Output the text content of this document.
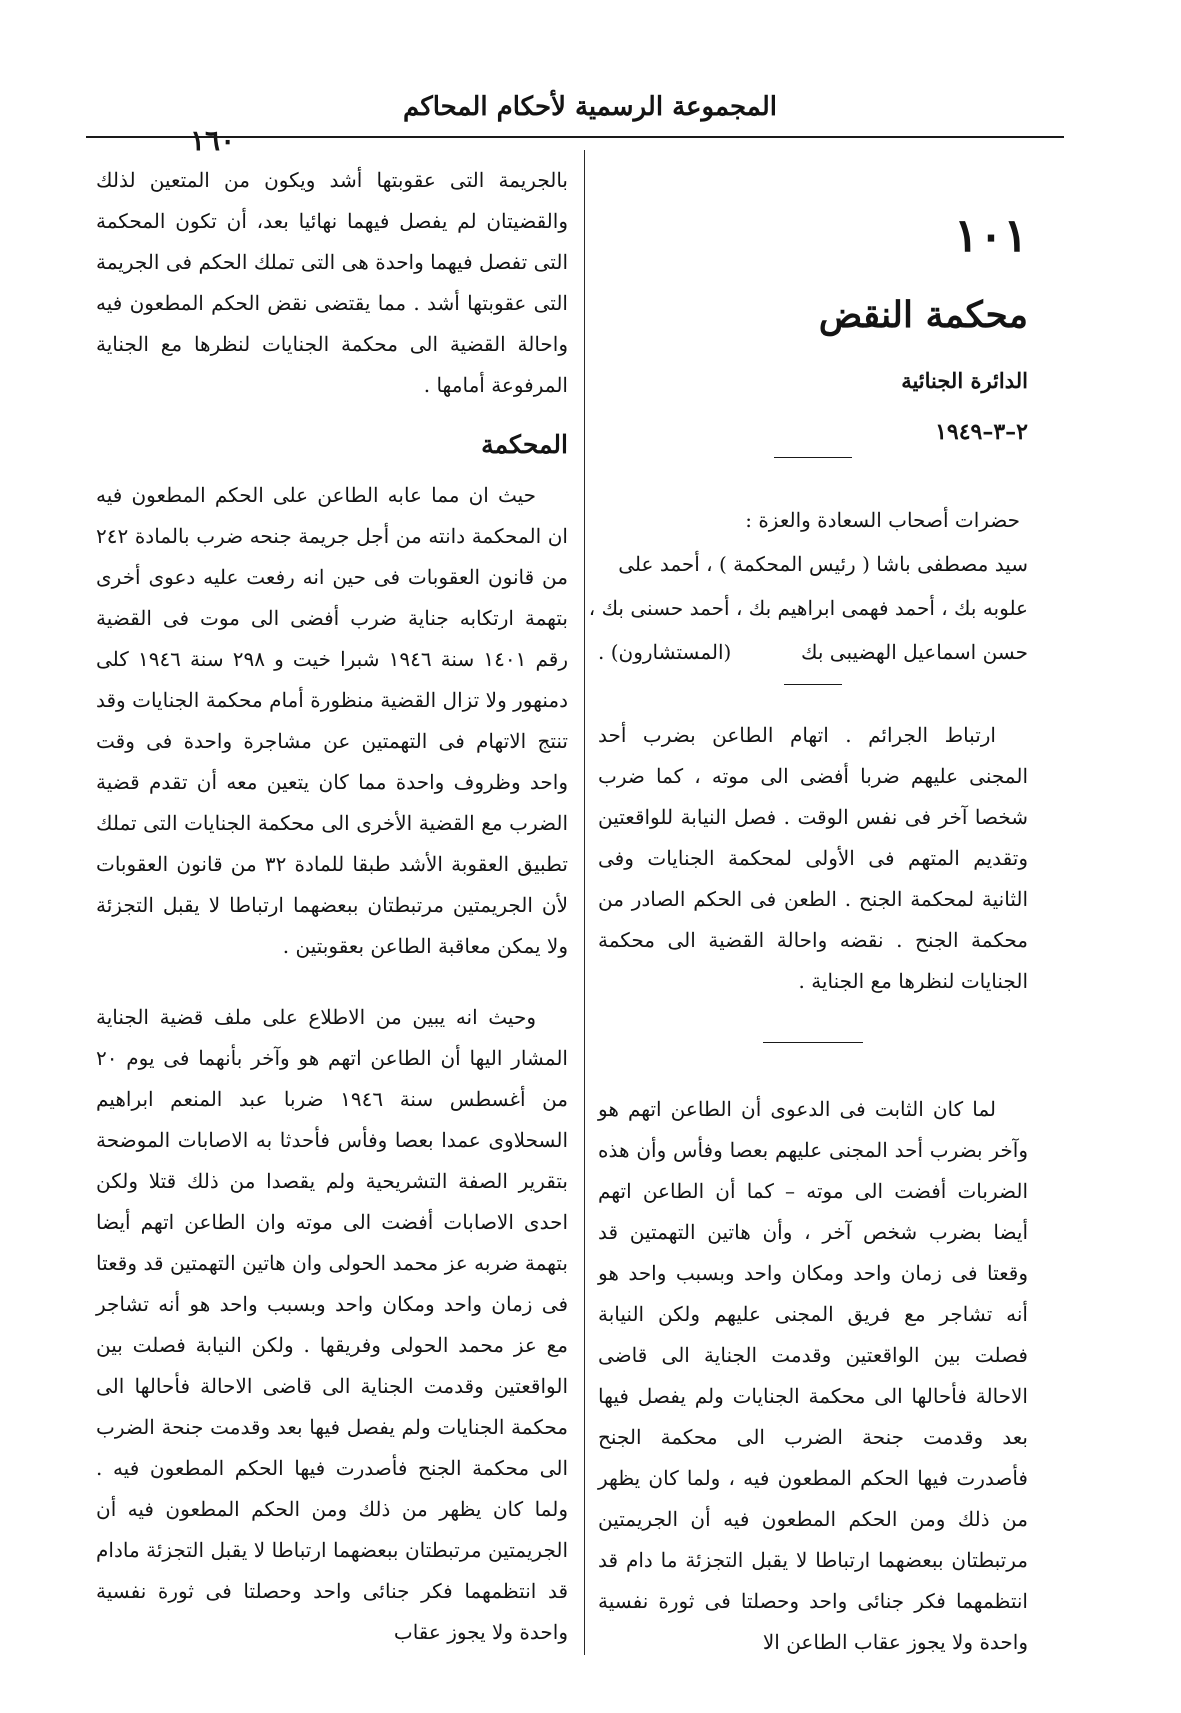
المجموعة الرسمية لأحكام المحاكم
١٦٠
١٠١
محكمة النقض
الدائرة الجنائية
٢–٣–١٩٤٩
حضرات أصحاب السعادة والعزة :
سيد مصطفى باشا ( رئيس المحكمة ) ، أحمد على
علوبه بك ، أحمد فهمى ابراهيم بك ، أحمد حسنى بك ،
حسن اسماعيل الهضيبى بك
(المستشارون) .

ارتباط الجرائم . اتهام الطاعن بضرب أحد المجنى عليهم ضربا أفضى الى موته ، كما ضرب شخصا آخر فى نفس الوقت . فصل النيابة للواقعتين وتقديم المتهم فى الأولى لمحكمة الجنايات وفى الثانية لمحكمة الجنح . الطعن فى الحكم الصادر من محكمة الجنح . نقضه واحالة القضية الى محكمة الجنايات لنظرها مع الجناية .

لما كان الثابت فى الدعوى أن الطاعن اتهم هو وآخر بضرب أحد المجنى عليهم بعصا وفأس وأن هذه الضربات أفضت الى موته – كما أن الطاعن اتهم أيضا بضرب شخص آخر ، وأن هاتين التهمتين قد وقعتا فى زمان واحد ومكان واحد وبسبب واحد هو أنه تشاجر مع فريق المجنى عليهم ولكن النيابة فصلت بين الواقعتين وقدمت الجناية الى قاضى الاحالة فأحالها الى محكمة الجنايات ولم يفصل فيها بعد وقدمت جنحة الضرب الى محكمة الجنح فأصدرت فيها الحكم المطعون فيه ، ولما كان يظهر من ذلك ومن الحكم المطعون فيه أن الجريمتين مرتبطتان ببعضهما ارتباطا لا يقبل التجزئة ما دام قد انتظمهما فكر جنائى واحد وحصلتا فى ثورة نفسية واحدة ولا يجوز عقاب الطاعن الا

بالجريمة التى عقوبتها أشد ويكون من المتعين لذلك والقضيتان لم يفصل فيهما نهائيا بعد، أن تكون المحكمة التى تفصل فيهما واحدة هى التى تملك الحكم فى الجريمة التى عقوبتها أشد . مما يقتضى نقض الحكم المطعون فيه واحالة القضية الى محكمة الجنايات لنظرها مع الجناية المرفوعة أمامها .

المحكمة

حيث ان مما عابه الطاعن على الحكم المطعون فيه ان المحكمة دانته من أجل جريمة جنحه ضرب بالمادة ٢٤٢ من قانون العقوبات فى حين انه رفعت عليه دعوى أخرى بتهمة ارتكابه جناية ضرب أفضى الى موت فى القضية رقم ١٤٠١ سنة ١٩٤٦ شبرا خيت و ٢٩٨ سنة ١٩٤٦ كلى دمنهور ولا تزال القضية منظورة أمام محكمة الجنايات وقد تنتج الاتهام فى التهمتين عن مشاجرة واحدة فى وقت واحد وظروف واحدة مما كان يتعين معه أن تقدم قضية الضرب مع القضية الأخرى الى محكمة الجنايات التى تملك تطبيق العقوبة الأشد طبقا للمادة ٣٢ من قانون العقوبات لأن الجريمتين مرتبطتان ببعضهما ارتباطا لا يقبل التجزئة ولا يمكن معاقبة الطاعن بعقوبتين .

وحيث انه يبين من الاطلاع على ملف قضية الجناية المشار اليها أن الطاعن اتهم هو وآخر بأنهما فى يوم ٢٠ من أغسطس سنة ١٩٤٦ ضربا عبد المنعم ابراهيم السحلاوى عمدا بعصا وفأس فأحدثا به الاصابات الموضحة بتقرير الصفة التشريحية ولم يقصدا من ذلك قتلا ولكن احدى الاصابات أفضت الى موته وان الطاعن اتهم أيضا بتهمة ضربه عز محمد الحولى وان هاتين التهمتين قد وقعتا فى زمان واحد ومكان واحد وبسبب واحد هو أنه تشاجر مع عز محمد الحولى وفريقها . ولكن النيابة فصلت بين الواقعتين وقدمت الجناية الى قاضى الاحالة فأحالها الى محكمة الجنايات ولم يفصل فيها بعد وقدمت جنحة الضرب الى محكمة الجنح فأصدرت فيها الحكم المطعون فيه . ولما كان يظهر من ذلك ومن الحكم المطعون فيه أن الجريمتين مرتبطتان ببعضهما ارتباطا لا يقبل التجزئة مادام قد انتظمهما فكر جنائى واحد وحصلتا فى ثورة نفسية واحدة ولا يجوز عقاب
